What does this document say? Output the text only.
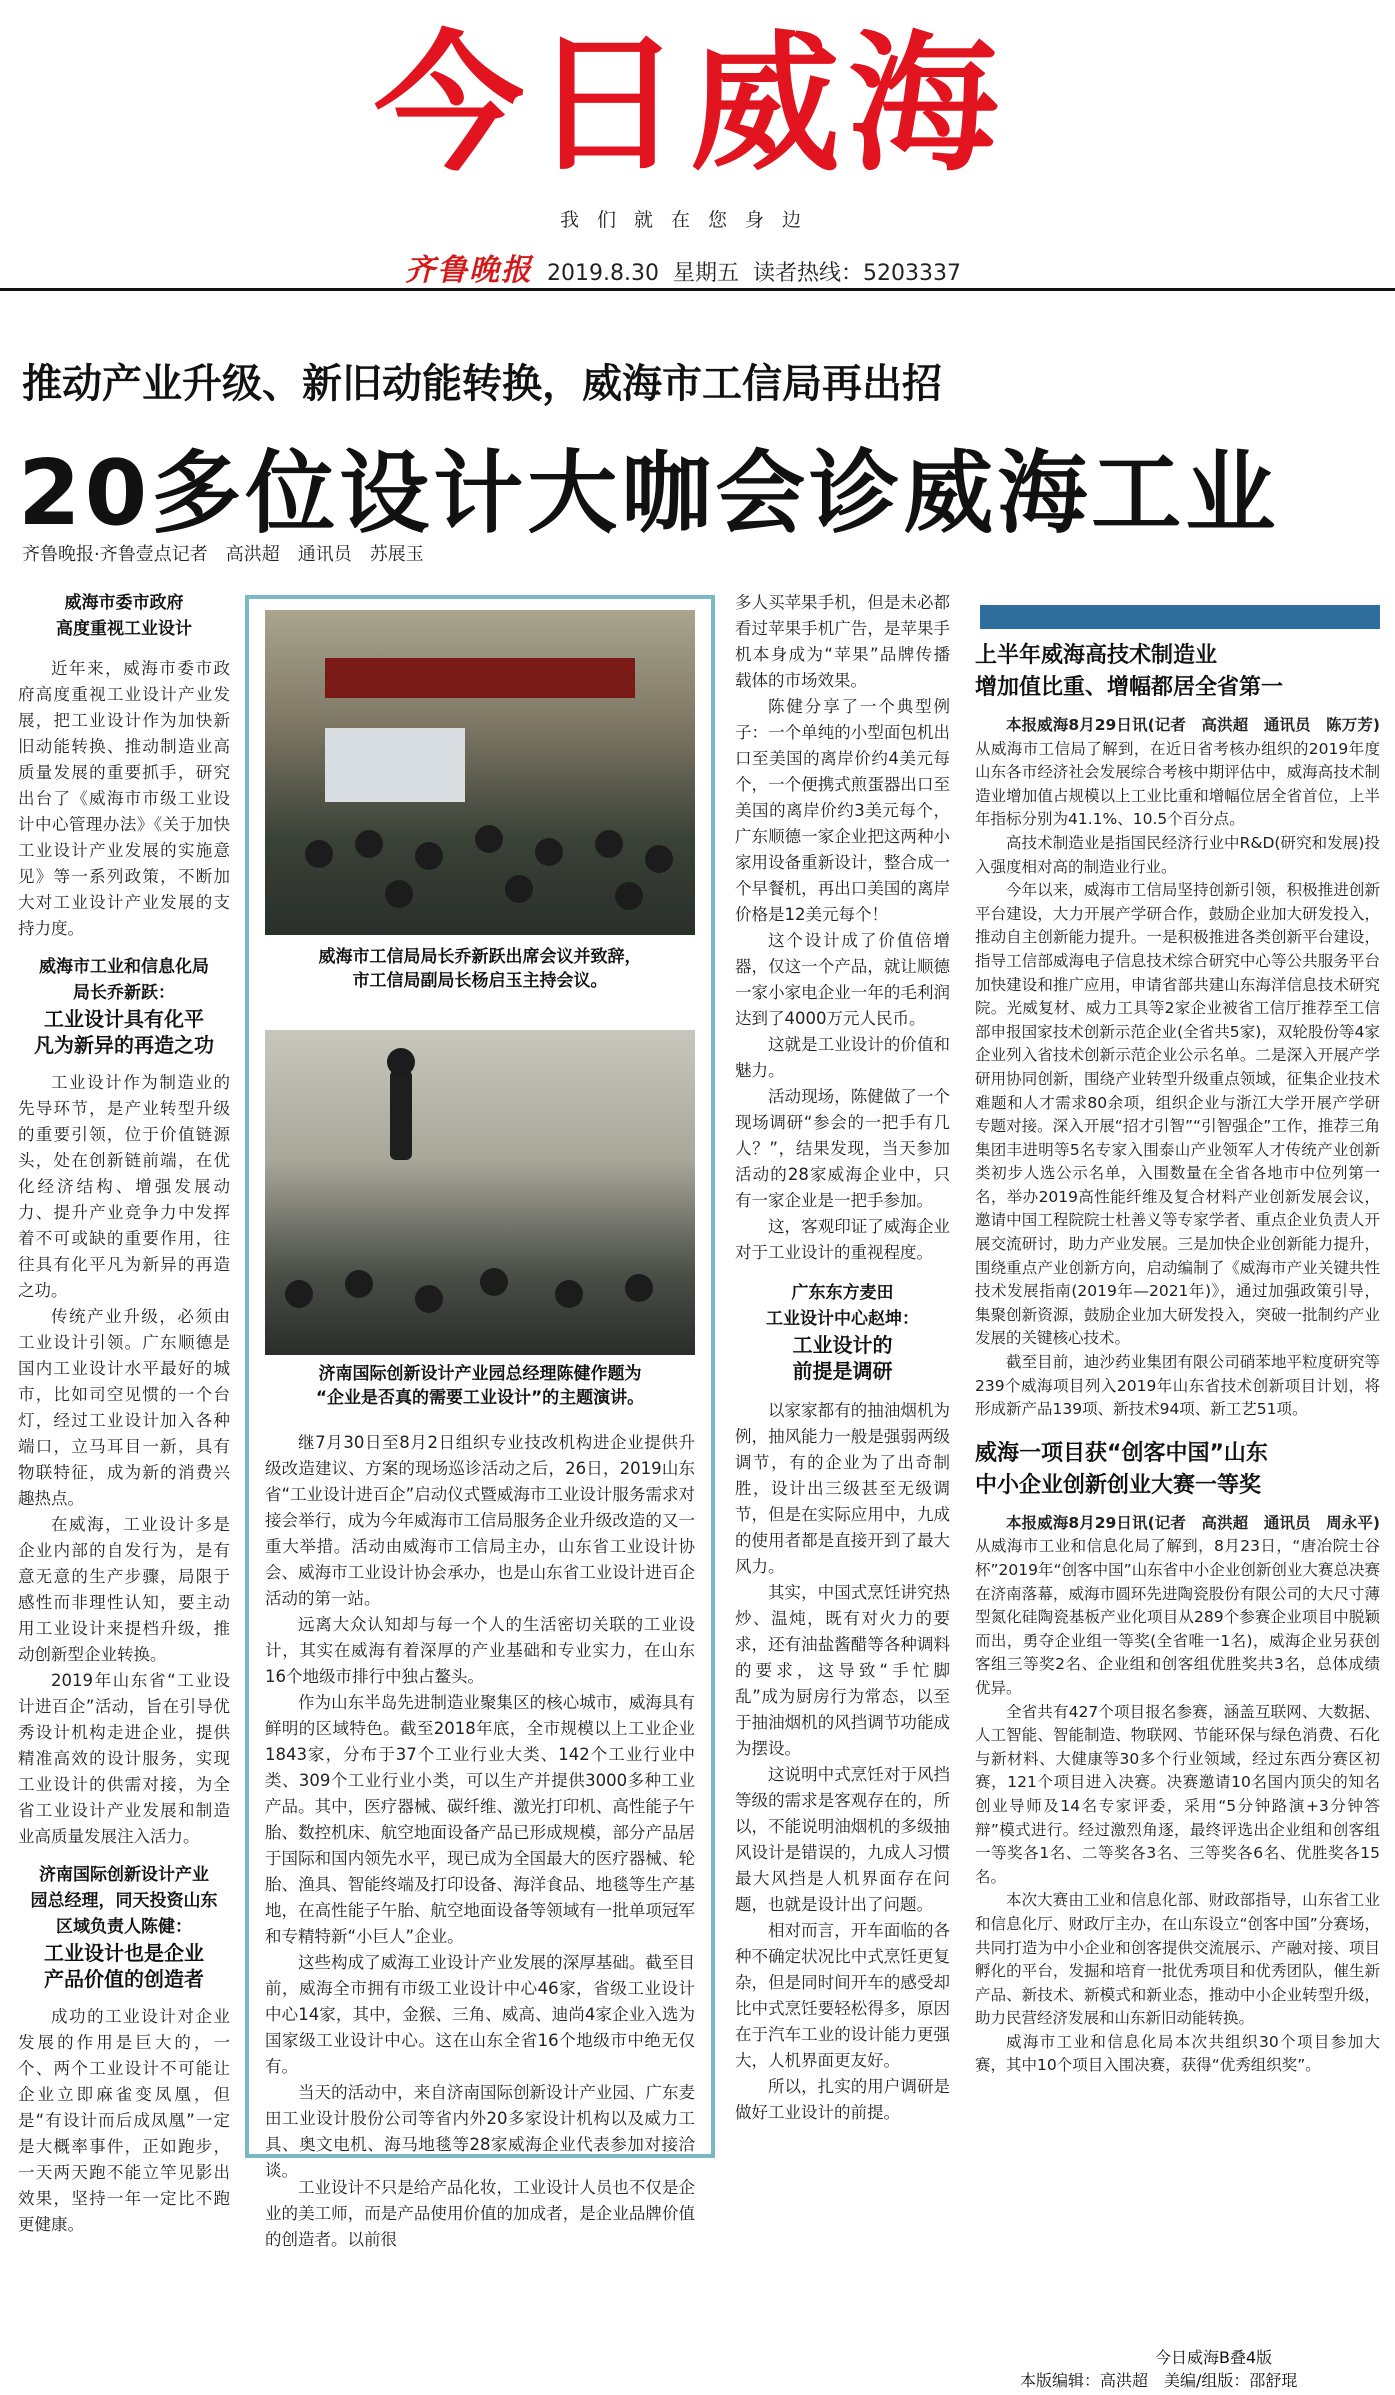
今日威海
我们就在您身边
齐鲁晚报 2019.8.30 星期五 读者热线：5203337
推动产业升级、新旧动能转换，威海市工信局再出招
20多位设计大咖会诊威海工业
齐鲁晚报·齐鲁壹点记者　高洪超　通讯员　苏展玉
威海市委市政府
高度重视工业设计

近年来，威海市委市政府高度重视工业设计产业发展，把工业设计作为加快新旧动能转换、推动制造业高质量发展的重要抓手，研究出台了《威海市市级工业设计中心管理办法》《关于加快工业设计产业发展的实施意见》等一系列政策，不断加大对工业设计产业发展的支持力度。

威海市工业和信息化局
局长乔新跃：
工业设计具有化平
凡为新异的再造之功

工业设计作为制造业的先导环节，是产业转型升级的重要引领，位于价值链源头，处在创新链前端，在优化经济结构、增强发展动力、提升产业竞争力中发挥着不可或缺的重要作用，往往具有化平凡为新异的再造之功。

传统产业升级，必须由工业设计引领。广东顺德是国内工业设计水平最好的城市，比如司空见惯的一个台灯，经过工业设计加入各种端口，立马耳目一新，具有物联特征，成为新的消费兴趣热点。

在威海，工业设计多是企业内部的自发行为，是有意无意的生产步骤，局限于感性而非理性认知，要主动用工业设计来提档升级，推动创新型企业转换。

2019年山东省“工业设计进百企”活动，旨在引导优秀设计机构走进企业，提供精准高效的设计服务，实现工业设计的供需对接，为全省工业设计产业发展和制造业高质量发展注入活力。

济南国际创新设计产业
园总经理，同天投资山东
区域负责人陈健：
工业设计也是企业
产品价值的创造者

成功的工业设计对企业发展的作用是巨大的，一个、两个工业设计不可能让企业立即麻雀变凤凰，但是“有设计而后成凤凰”一定是大概率事件，正如跑步，一天两天跑不能立竿见影出效果，坚持一年一定比不跑更健康。

威海市工信局局长乔新跃出席会议并致辞，
市工信局副局长杨启玉主持会议。
济南国际创新设计产业园总经理陈健作题为
“企业是否真的需要工业设计”的主题演讲。

继7月30日至8月2日组织专业技改机构进企业提供升级改造建议、方案的现场巡诊活动之后，26日，2019山东省“工业设计进百企”启动仪式暨威海市工业设计服务需求对接会举行，成为今年威海市工信局服务企业升级改造的又一重大举措。活动由威海市工信局主办，山东省工业设计协会、威海市工业设计协会承办，也是山东省工业设计进百企活动的第一站。

远离大众认知却与每一个人的生活密切关联的工业设计，其实在威海有着深厚的产业基础和专业实力，在山东16个地级市排行中独占鳌头。

作为山东半岛先进制造业聚集区的核心城市，威海具有鲜明的区域特色。截至2018年底，全市规模以上工业企业1843家，分布于37个工业行业大类、142个工业行业中类、309个工业行业小类，可以生产并提供3000多种工业产品。其中，医疗器械、碳纤维、激光打印机、高性能子午胎、数控机床、航空地面设备产品已形成规模，部分产品居于国际和国内领先水平，现已成为全国最大的医疗器械、轮胎、渔具、智能终端及打印设备、海洋食品、地毯等生产基地，在高性能子午胎、航空地面设备等领域有一批单项冠军和专精特新“小巨人”企业。

这些构成了威海工业设计产业发展的深厚基础。截至目前，威海全市拥有市级工业设计中心46家，省级工业设计中心14家，其中，金猴、三角、威高、迪尚4家企业入选为国家级工业设计中心。这在山东全省16个地级市中绝无仅有。

当天的活动中，来自济南国际创新设计产业园、广东麦田工业设计股份公司等省内外20多家设计机构以及威力工具、奥文电机、海马地毯等28家威海企业代表参加对接洽谈。

工业设计不只是给产品化妆，工业设计人员也不仅是企业的美工师，而是产品使用价值的加成者，是企业品牌价值的创造者。以前很

多人买苹果手机，但是未必都看过苹果手机广告，是苹果手机本身成为“苹果”品牌传播载体的市场效果。

陈健分享了一个典型例子：一个单纯的小型面包机出口至美国的离岸价约4美元每个，一个便携式煎蛋器出口至美国的离岸价约3美元每个，广东顺德一家企业把这两种小家用设备重新设计，整合成一个早餐机，再出口美国的离岸价格是12美元每个！

这个设计成了价值倍增器，仅这一个产品，就让顺德一家小家电企业一年的毛利润达到了4000万元人民币。

这就是工业设计的价值和魅力。

活动现场，陈健做了一个现场调研“参会的一把手有几人？”，结果发现，当天参加活动的28家威海企业中，只有一家企业是一把手参加。

这，客观印证了威海企业对于工业设计的重视程度。

广东东方麦田
工业设计中心赵坤：
工业设计的
前提是调研

以家家都有的抽油烟机为例，抽风能力一般是强弱两级调节，有的企业为了出奇制胜，设计出三级甚至无级调节，但是在实际应用中，九成的使用者都是直接开到了最大风力。

其实，中国式烹饪讲究热炒、温炖，既有对火力的要求，还有油盐酱醋等各种调料的要求，这导致“手忙脚乱”成为厨房行为常态，以至于抽油烟机的风挡调节功能成为摆设。

这说明中式烹饪对于风挡等级的需求是客观存在的，所以，不能说明油烟机的多级抽风设计是错误的，九成人习惯最大风挡是人机界面存在问题，也就是设计出了问题。

相对而言，开车面临的各种不确定状况比中式烹饪更复杂，但是同时间开车的感受却比中式烹饪要轻松得多，原因在于汽车工业的设计能力更强大，人机界面更友好。

所以，扎实的用户调研是做好工业设计的前提。

上半年威海高技术制造业
增加值比重、增幅都居全省第一

本报威海8月29日讯(记者　高洪超　通讯员　陈万芳) 从威海市工信局了解到，在近日省考核办组织的2019年度山东各市经济社会发展综合考核中期评估中，威海高技术制造业增加值占规模以上工业比重和增幅位居全省首位，上半年指标分别为41.1%、10.5个百分点。

高技术制造业是指国民经济行业中R&D(研究和发展)投入强度相对高的制造业行业。

今年以来，威海市工信局坚持创新引领，积极推进创新平台建设，大力开展产学研合作，鼓励企业加大研发投入，推动自主创新能力提升。一是积极推进各类创新平台建设，指导工信部威海电子信息技术综合研究中心等公共服务平台加快建设和推广应用，申请省部共建山东海洋信息技术研究院。光威复材、威力工具等2家企业被省工信厅推荐至工信部申报国家技术创新示范企业(全省共5家)，双轮股份等4家企业列入省技术创新示范企业公示名单。二是深入开展产学研用协同创新，围绕产业转型升级重点领域，征集企业技术难题和人才需求80余项，组织企业与浙江大学开展产学研专题对接。深入开展“招才引智”“引智强企”工作，推荐三角集团丰进明等5名专家入围泰山产业领军人才传统产业创新类初步人选公示名单，入围数量在全省各地市中位列第一名，举办2019高性能纤维及复合材料产业创新发展会议，邀请中国工程院院士杜善义等专家学者、重点企业负责人开展交流研讨，助力产业发展。三是加快企业创新能力提升，围绕重点产业创新方向，启动编制了《威海市产业关键共性技术发展指南(2019年—2021年)》，通过加强政策引导，集聚创新资源，鼓励企业加大研发投入，突破一批制约产业发展的关键核心技术。

截至目前，迪沙药业集团有限公司硝苯地平粒度研究等239个威海项目列入2019年山东省技术创新项目计划，将形成新产品139项、新技术94项、新工艺51项。

威海一项目获“创客中国”山东
中小企业创新创业大赛一等奖

本报威海8月29日讯(记者　高洪超　通讯员　周永平) 从威海市工业和信息化局了解到，8月23日，“唐冶院士谷杯”2019年“创客中国”山东省中小企业创新创业大赛总决赛在济南落幕，威海市圆环先进陶瓷股份有限公司的大尺寸薄型氮化硅陶瓷基板产业化项目从289个参赛企业项目中脱颖而出，勇夺企业组一等奖(全省唯一1名)，威海企业另获创客组三等奖2名、企业组和创客组优胜奖共3名，总体成绩优异。

全省共有427个项目报名参赛，涵盖互联网、大数据、人工智能、智能制造、物联网、节能环保与绿色消费、石化与新材料、大健康等30多个行业领域，经过东西分赛区初赛，121个项目进入决赛。决赛邀请10名国内顶尖的知名创业导师及14名专家评委，采用“5分钟路演+3分钟答辩”模式进行。经过激烈角逐，最终评选出企业组和创客组一等奖各1名、二等奖各3名、三等奖各6名、优胜奖各15名。

本次大赛由工业和信息化部、财政部指导，山东省工业和信息化厅、财政厅主办，在山东设立“创客中国”分赛场，共同打造为中小企业和创客提供交流展示、产融对接、项目孵化的平台，发掘和培育一批优秀项目和优秀团队，催生新产品、新技术、新模式和新业态，推动中小企业转型升级，助力民营经济发展和山东新旧动能转换。

威海市工业和信息化局本次共组织30个项目参加大赛，其中10个项目入围决赛，获得“优秀组织奖”。

今日威海B叠4版
本版编辑：高洪超　美编/组版：邵舒琨
